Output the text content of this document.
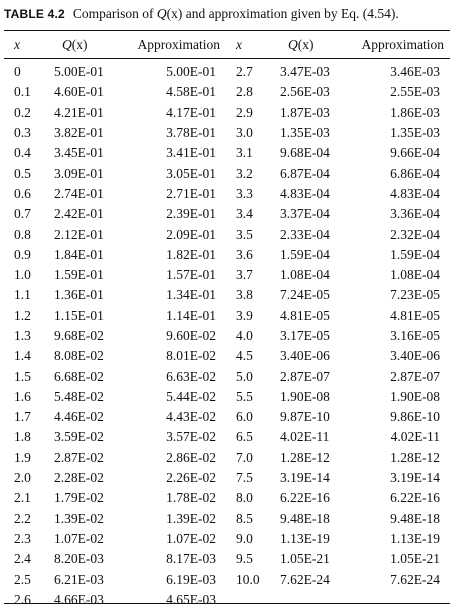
TABLE 4.2 Comparison of Q(x) and approximation given by Eq. (4.54).
x	Q(x)	Approximation	x	Q(x)	Approximation
0	5.00E-01	5.00E-01	2.7	3.47E-03	3.46E-03
0.1	4.60E-01	4.58E-01	2.8	2.56E-03	2.55E-03
0.2	4.21E-01	4.17E-01	2.9	1.87E-03	1.86E-03
0.3	3.82E-01	3.78E-01	3.0	1.35E-03	1.35E-03
0.4	3.45E-01	3.41E-01	3.1	9.68E-04	9.66E-04
0.5	3.09E-01	3.05E-01	3.2	6.87E-04	6.86E-04
0.6	2.74E-01	2.71E-01	3.3	4.83E-04	4.83E-04
0.7	2.42E-01	2.39E-01	3.4	3.37E-04	3.36E-04
0.8	2.12E-01	2.09E-01	3.5	2.33E-04	2.32E-04
0.9	1.84E-01	1.82E-01	3.6	1.59E-04	1.59E-04
1.0	1.59E-01	1.57E-01	3.7	1.08E-04	1.08E-04
1.1	1.36E-01	1.34E-01	3.8	7.24E-05	7.23E-05
1.2	1.15E-01	1.14E-01	3.9	4.81E-05	4.81E-05
1.3	9.68E-02	9.60E-02	4.0	3.17E-05	3.16E-05
1.4	8.08E-02	8.01E-02	4.5	3.40E-06	3.40E-06
1.5	6.68E-02	6.63E-02	5.0	2.87E-07	2.87E-07
1.6	5.48E-02	5.44E-02	5.5	1.90E-08	1.90E-08
1.7	4.46E-02	4.43E-02	6.0	9.87E-10	9.86E-10
1.8	3.59E-02	3.57E-02	6.5	4.02E-11	4.02E-11
1.9	2.87E-02	2.86E-02	7.0	1.28E-12	1.28E-12
2.0	2.28E-02	2.26E-02	7.5	3.19E-14	3.19E-14
2.1	1.79E-02	1.78E-02	8.0	6.22E-16	6.22E-16
2.2	1.39E-02	1.39E-02	8.5	9.48E-18	9.48E-18
2.3	1.07E-02	1.07E-02	9.0	1.13E-19	1.13E-19
2.4	8.20E-03	8.17E-03	9.5	1.05E-21	1.05E-21
2.5	6.21E-03	6.19E-03	10.0	7.62E-24	7.62E-24
2.6	4.66E-03	4.65E-03			
